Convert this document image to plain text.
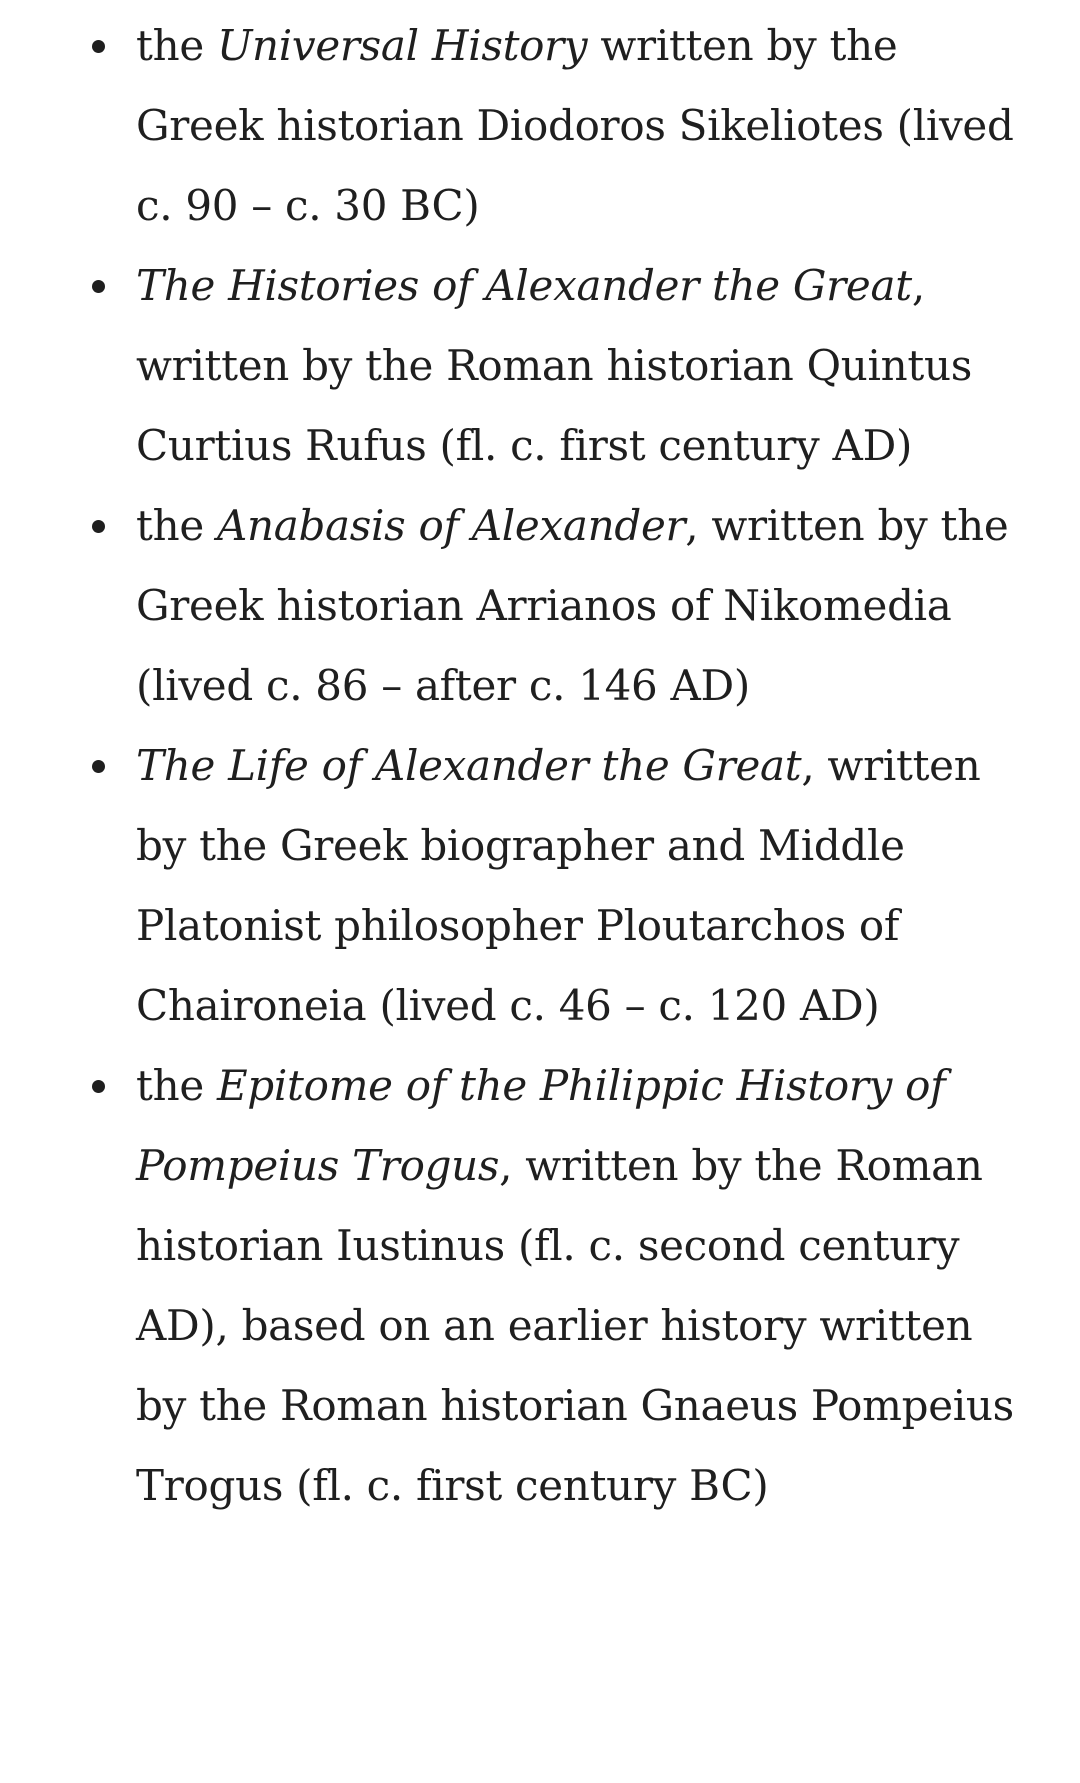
the Universal History written by the Greek historian Diodoros Sikeliotes (lived c. 90 – c. 30 BC)
The Histories of Alexander the Great, written by the Roman historian Quintus Curtius Rufus (fl. c. first century AD)
the Anabasis of Alexander, written by the Greek historian Arrianos of Nikomedia (lived c. 86 – after c. 146 AD)
The Life of Alexander the Great, written by the Greek biographer and Middle Platonist philosopher Ploutarchos of Chaironeia (lived c. 46 – c. 120 AD)
the Epitome of the Philippic History of Pompeius Trogus, written by the Roman historian Iustinus (fl. c. second century AD), based on an earlier history written by the Roman historian Gnaeus Pompeius Trogus (fl. c. first century BC)
